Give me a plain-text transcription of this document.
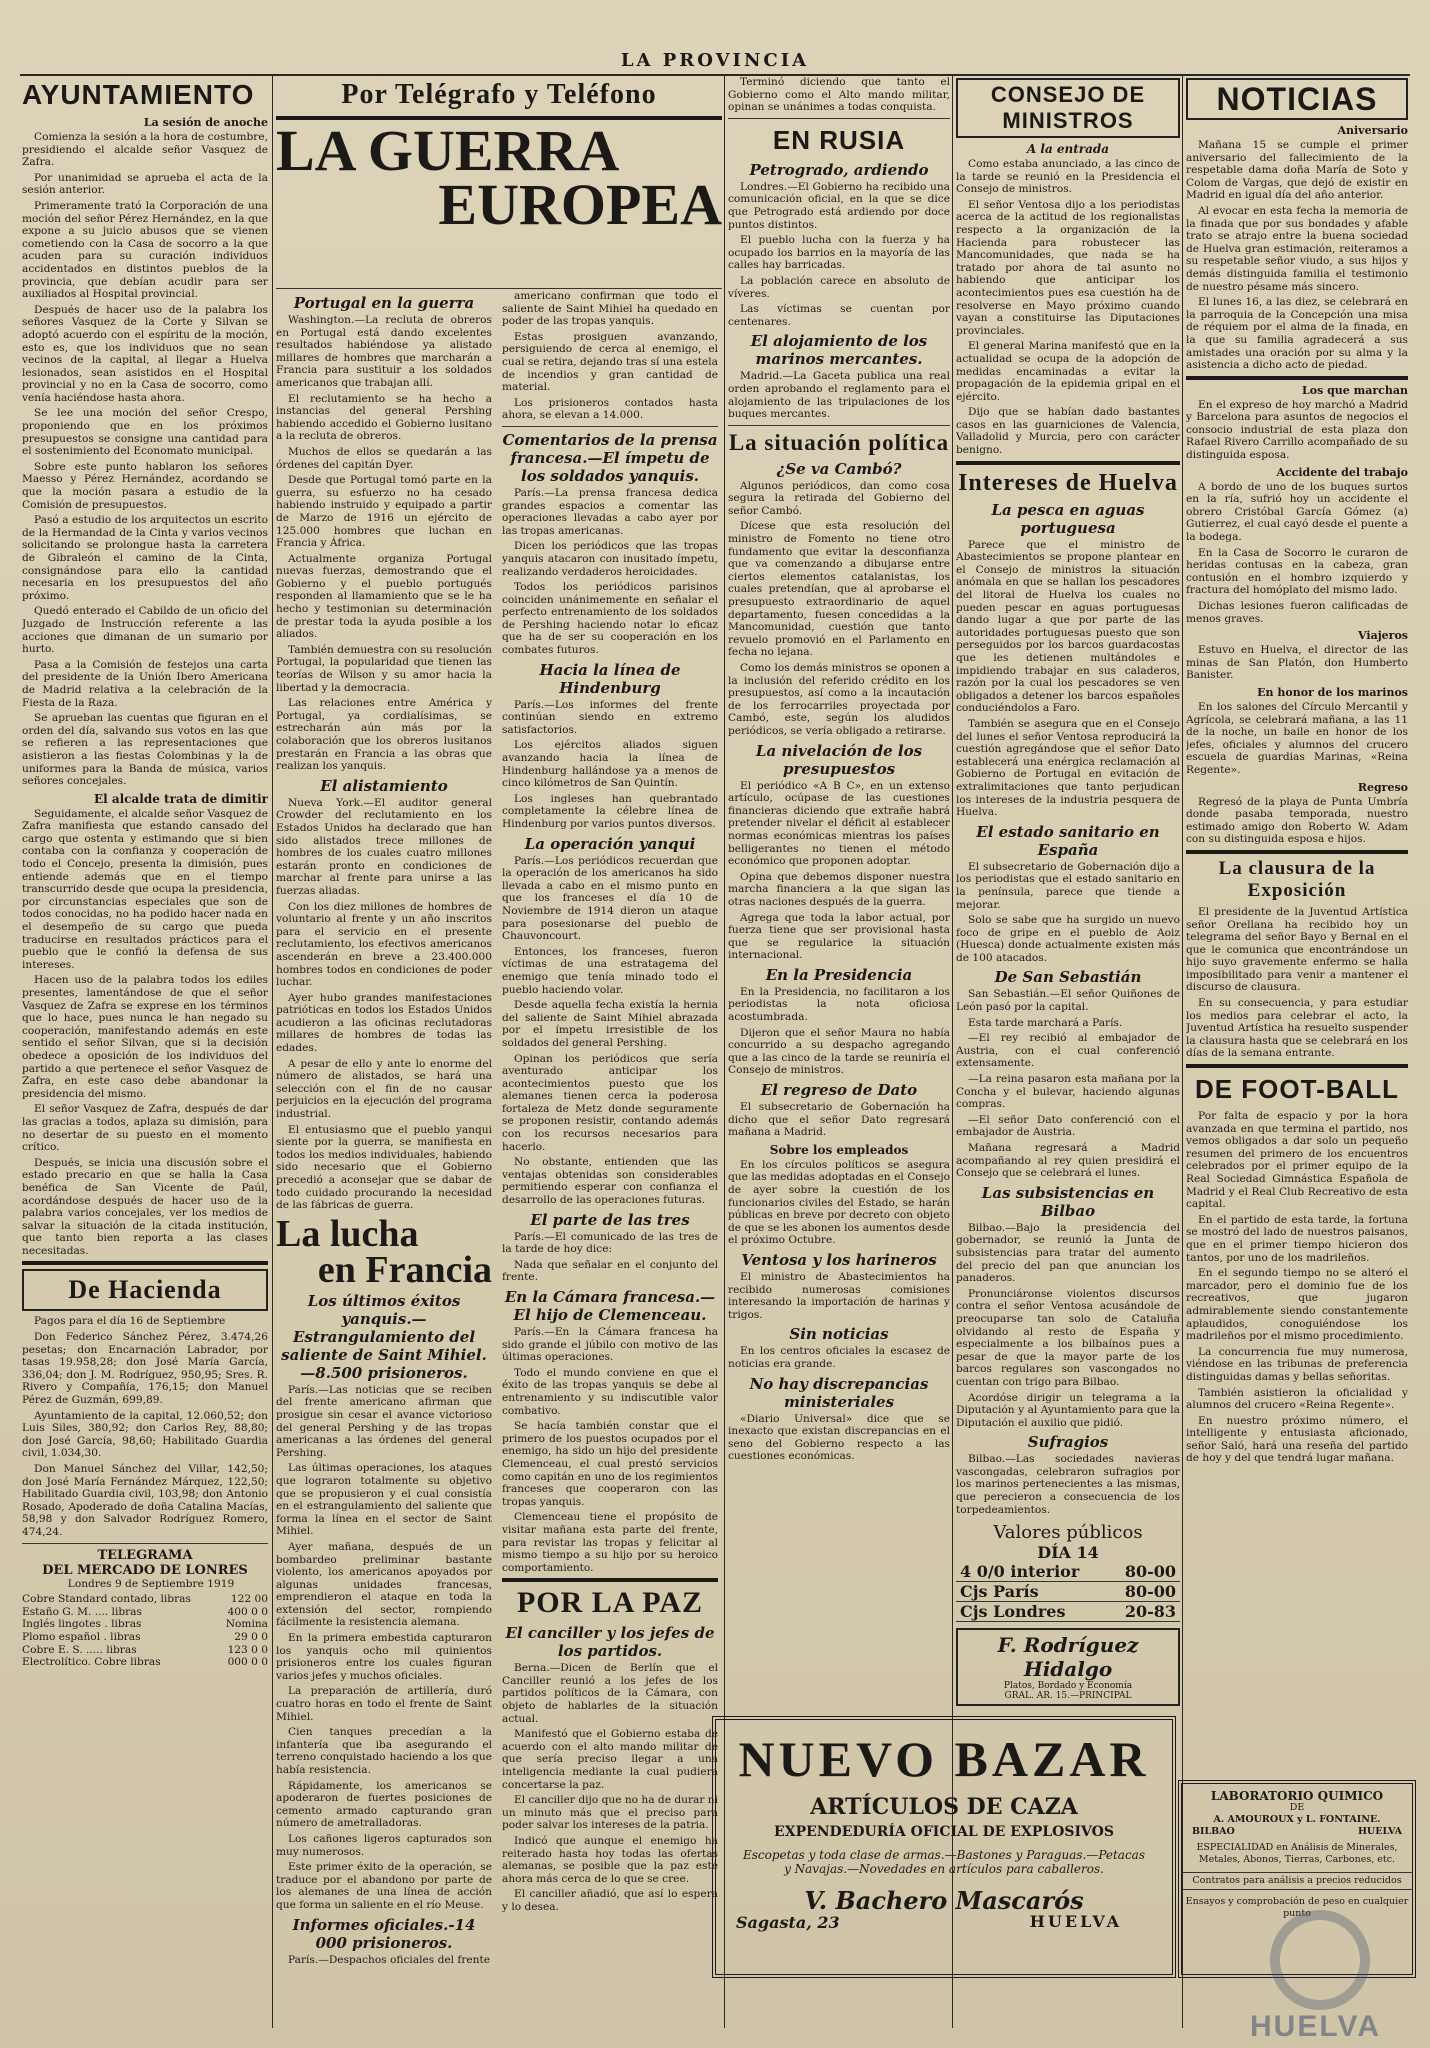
LA PROVINCIA
AYUNTAMIENTO
La sesión de anoche

Comienza la sesión a la hora de costumbre, presidiendo el alcalde señor Vasquez de Zafra.

Por unanimidad se aprueba el acta de la sesión anterior.

Primeramente trató la Corporación de una moción del señor Pérez Hernández, en la que expone a su juicio abusos que se vienen cometiendo con la Casa de socorro a la que acuden para su curación individuos accidentados en distintos pueblos de la provincia, que debían acudir para ser auxiliados al Hospital provincial.

Después de hacer uso de la palabra los señores Vasquez de la Corte y Silvan se adoptó acuerdo con el espíritu de la moción, esto es, que los individuos que no sean vecinos de la capital, al llegar a Huelva lesionados, sean asistidos en el Hospital provincial y no en la Casa de socorro, como venía haciéndose hasta ahora.

Se lee una moción del señor Crespo, proponiendo que en los próximos presupuestos se consigne una cantidad para el sostenimiento del Economato municipal.

Sobre este punto hablaron los señores Maesso y Pérez Hernández, acordando se que la moción pasara a estudio de la Comisión de presupuestos.

Pasó a estudio de los arquitectos un escrito de la Hermandad de la Cinta y varios vecinos solicitando se prolongue hasta la carretera de Gibraleón el camino de la Cinta, consignándose para ello la cantidad necesaria en los presupuestos del año próximo.

Quedó enterado el Cabildo de un oficio del Juzgado de Instrucción referente a las acciones que dimanan de un sumario por hurto.

Pasa a la Comisión de festejos una carta del presidente de la Unión Ibero Americana de Madrid relativa a la celebración de la Fiesta de la Raza.

Se aprueban las cuentas que figuran en el orden del día, salvando sus votos en las que se refieren a las representaciones que asistieron a las fiestas Colombinas y la de uniformes para la Banda de música, varios señores concejales.

El alcalde trata de dimitir

Seguidamente, el alcalde señor Vasquez de Zafra manifiesta que estando cansado del cargo que ostenta y estimando que si bien contaba con la confianza y cooperación de todo el Concejo, presenta la dimisión, pues entiende además que en el tiempo transcurrido desde que ocupa la presidencia, por circunstancias especiales que son de todos conocidas, no ha podido hacer nada en el desempeño de su cargo que pueda traducirse en resultados prácticos para el pueblo que le confió la defensa de sus intereses.

Hacen uso de la palabra todos los ediles presentes, lamentándose de que el señor Vasquez de Zafra se exprese en los términos que lo hace, pues nunca le han negado su cooperación, manifestando además en este sentido el señor Silvan, que si la decisión obedece a oposición de los individuos del partido a que pertenece el señor Vasquez de Zafra, en este caso debe abandonar la presidencia del mismo.

El señor Vasquez de Zafra, después de dar las gracias a todos, aplaza su dimisión, para no desertar de su puesto en el momento crítico.

Después, se inicia una discusión sobre el estado precario en que se halla la Casa benéfica de San Vicente de Paúl, acordándose después de hacer uso de la palabra varios concejales, ver los medios de salvar la situación de la citada institución, que tanto bien reporta a las clases necesitadas.

De Hacienda

Pagos para el día 16 de Septiembre

Don Federico Sánchez Pérez, 3.474,26 pesetas; don Encarnación Labrador, por tasas 19.958,28; don José María García, 336,04; don J. M. Rodríguez, 950,95; Sres. R. Rivero y Compañía, 176,15; don Manuel Pérez de Guzmán, 699,89.

Ayuntamiento de la capital, 12.060,52; don Luis Siles, 380,92; don Carlos Rey, 88,80; don José García, 98,60; Habilitado Guardia civil, 1.034,30.

Don Manuel Sánchez del Villar, 142,50; don José María Fernández Márquez, 122,50; Habilitado Guardia civil, 103,98; don Antonio Rosado, Apoderado de doña Catalina Macías, 58,98 y don Salvador Rodríguez Romero, 474,24.

TELEGRAMA
DEL MERCADO DE LONRES

Londres 9 de Septiembre 1919

Cobre Standard contado, libras	122 00
Estaño G. M. .... libras	400 0 0
Inglés lingotes . libras	Nomina
Plomo español . libras	29 0 0
Cobre E. S. ..... libras	123 0 0
Electrolítico. Cobre libras	000 0 0
Por Telégrafo y Teléfono
LA GUERRA
EUROPEA
Portugal en la guerra

Washington.—La recluta de obreros en Portugal está dando excelentes resultados habiéndose ya alistado millares de hombres que marcharán a Francia para sustituir a los soldados americanos que trabajan allí.

El reclutamiento se ha hecho a instancias del general Pershing habiendo accedido el Gobierno lusitano a la recluta de obreros.

Muchos de ellos se quedarán a las órdenes del capitán Dyer.

Desde que Portugal tomó parte en la guerra, su esfuerzo no ha cesado habiendo instruido y equipado a partir de Marzo de 1916 un ejército de 125.000 hombres que luchan en Francia y África.

Actualmente organiza Portugal nuevas fuerzas, demostrando que el Gobierno y el pueblo portugués responden al llamamiento que se le ha hecho y testimonian su determinación de prestar toda la ayuda posible a los aliados.

También demuestra con su resolución Portugal, la popularidad que tienen las teorías de Wilson y su amor hacia la libertad y la democracia.

Las relaciones entre América y Portugal, ya cordialísimas, se estrecharán aún más por la colaboración que los obreros lusitanos prestarán en Francia a las obras que realizan los yanquis.

El alistamiento

Nueva York.—El auditor general Crowder del reclutamiento en los Estados Unidos ha declarado que han sido alistados trece millones de hombres de los cuales cuatro millones estarán pronto en condiciones de marchar al frente para unirse a las fuerzas aliadas.

Con los diez millones de hombres de voluntario al frente y un año inscritos para el servicio en el presente reclutamiento, los efectivos americanos ascenderán en breve a 23.400.000 hombres todos en condiciones de poder luchar.

Ayer hubo grandes manifestaciones patrióticas en todos los Estados Unidos acudieron a las oficinas reclutadoras millares de hombres de todas las edades.

A pesar de ello y ante lo enorme del número de alistados, se hará una selección con el fin de no causar perjuicios en la ejecución del programa industrial.

El entusiasmo que el pueblo yanqui siente por la guerra, se manifiesta en todos los medios individuales, habiendo sido necesario que el Gobierno precedió a aconsejar que se dabar de todo cuidado procurando la necesidad de las fábricas de guerra.

La lucha
en Francia
Los últimos éxitos yanquis.—Estrangulamiento del saliente de Saint Mihiel.—8.500 prisioneros.

París.—Las noticias que se reciben del frente americano afirman que prosigue sin cesar el avance victorioso del general Pershing y de las tropas americanas a las órdenes del general Pershing.

Las últimas operaciones, los ataques que lograron totalmente su objetivo que se propusieron y el cual consistía en el estrangulamiento del saliente que forma la línea en el sector de Saint Mihiel.

Ayer mañana, después de un bombardeo preliminar bastante violento, los americanos apoyados por algunas unidades francesas, emprendieron el ataque en toda la extensión del sector, rompiendo fácilmente la resistencia alemana.

En la primera embestida capturaron los yanquis ocho mil quinientos prisioneros entre los cuales figuran varios jefes y muchos oficiales.

La preparación de artillería, duró cuatro horas en todo el frente de Saint Mihiel.

Cien tanques precedían a la infantería que iba asegurando el terreno conquistado haciendo a los que había resistencia.

Rápidamente, los americanos se apoderaron de fuertes posiciones de cemento armado capturando gran número de ametralladoras.

Los cañones ligeros capturados son muy numerosos.

Este primer éxito de la operación, se traduce por el abandono por parte de los alemanes de una línea de acción que forma un saliente en el río Meuse.

Informes oficiales.-14 000 prisioneros.

París.—Despachos oficiales del frente

americano confirman que todo el saliente de Saint Mihiel ha quedado en poder de las tropas yanquis.

Estas prosiguen avanzando, persiguiendo de cerca al enemigo, el cual se retira, dejando tras sí una estela de incendios y gran cantidad de material.

Los prisioneros contados hasta ahora, se elevan a 14.000.

Comentarios de la prensa francesa.—El ímpetu de los soldados yanquis.

París.—La prensa francesa dedica grandes espacios a comentar las operaciones llevadas a cabo ayer por las tropas americanas.

Dicen los periódicos que las tropas yanquis atacaron con inusitado ímpetu, realizando verdaderos heroicidades.

Todos los periódicos parisinos coinciden unánimemente en señalar el perfecto entrenamiento de los soldados de Pershing haciendo notar lo eficaz que ha de ser su cooperación en los combates futuros.

Hacia la línea de Hindenburg

París.—Los informes del frente continúan siendo en extremo satisfactorios.

Los ejércitos aliados siguen avanzando hacia la línea de Hindenburg hallándose ya a menos de cinco kilómetros de San Quintín.

Los ingleses han quebrantado completamente la célebre línea de Hindenburg por varios puntos diversos.

La operación yanqui

París.—Los periódicos recuerdan que la operación de los americanos ha sido llevada a cabo en el mismo punto en que los franceses el día 10 de Noviembre de 1914 dieron un ataque para posesionarse del pueblo de Chauvoncourt.

Entonces, los franceses, fueron víctimas de una estratagema del enemigo que tenía minado todo el pueblo haciendo volar.

Desde aquella fecha existía la hernia del saliente de Saint Mihiel abrazada por el ímpetu irresistible de los soldados del general Pershing.

Opinan los periódicos que sería aventurado anticipar los acontecimientos puesto que los alemanes tienen cerca la poderosa fortaleza de Metz donde seguramente se proponen resistir, contando además con los recursos necesarios para hacerlo.

No obstante, entienden que las ventajas obtenidas son considerables permitiendo esperar con confianza el desarrollo de las operaciones futuras.

El parte de las tres

París.—El comunicado de las tres de la tarde de hoy dice:

Nada que señalar en el conjunto del frente.

En la Cámara francesa.—El hijo de Clemenceau.

París.—En la Cámara francesa ha sido grande el júbilo con motivo de las últimas operaciones.

Todo el mundo conviene en que el éxito de las tropas yanquis se debe al entrenamiento y su indiscutible valor combativo.

Se hacía también constar que el primero de los puestos ocupados por el enemigo, ha sido un hijo del presidente Clemenceau, el cual prestó servicios como capitán en uno de los regimientos franceses que cooperaron con las tropas yanquis.

Clemenceau tiene el propósito de visitar mañana esta parte del frente, para revistar las tropas y felicitar al mismo tiempo a su hijo por su heroico comportamiento.

POR LA PAZ
El canciller y los jefes de los partidos.

Berna.—Dicen de Berlín que el Canciller reunió a los jefes de los partidos políticos de la Cámara, con objeto de hablarles de la situación actual.

Manifestó que el Gobierno estaba de acuerdo con el alto mando militar de que sería preciso llegar a una inteligencia mediante la cual pudiera concertarse la paz.

El canciller dijo que no ha de durar ni un minuto más que el preciso para poder salvar los intereses de la patria.

Indicó que aunque el enemigo ha reiterado hasta hoy todas las ofertas alemanas, se posible que la paz esté ahora más cerca de lo que se cree.

El canciller añadió, que así lo espera y lo desea.

Terminó diciendo que tanto el Gobierno como el Alto mando militar, opinan se unánimes a todas conquista.

EN RUSIA
Petrogrado, ardiendo

Londres.—El Gobierno ha recibido una comunicación oficial, en la que se dice que Petrogrado está ardiendo por doce puntos distintos.

El pueblo lucha con la fuerza y ha ocupado los barrios en la mayoría de las calles hay barricadas.

La población carece en absoluto de víveres.

Las víctimas se cuentan por centenares.

El alojamiento de los marinos mercantes.

Madrid.—La Gaceta publica una real orden aprobando el reglamento para el alojamiento de las tripulaciones de los buques mercantes.

La situación política
¿Se va Cambó?

Algunos periódicos, dan como cosa segura la retirada del Gobierno del señor Cambó.

Dícese que esta resolución del ministro de Fomento no tiene otro fundamento que evitar la desconfianza que va comenzando a dibujarse entre ciertos elementos catalanistas, los cuales pretendían, que al aprobarse el presupuesto extraordinario de aquel departamento, fuesen concedidas a la Mancomunidad, cuestión que tanto revuelo promovió en el Parlamento en fecha no lejana.

Como los demás ministros se oponen a la inclusión del referido crédito en los presupuestos, así como a la incautación de los ferrocarriles proyectada por Cambó, este, según los aludidos periódicos, se vería obligado a retirarse.

La nivelación de los presupuestos

El periódico «A B C», en un extenso artículo, ocúpase de las cuestiones financieras diciendo que extrañe habrá pretender nivelar el déficit al establecer normas económicas mientras los países belligerantes no tienen el método económico que proponen adoptar.

Opina que debemos disponer nuestra marcha financiera a la que sigan las otras naciones después de la guerra.

Agrega que toda la labor actual, por fuerza tiene que ser provisional hasta que se regularice la situación internacional.

En la Presidencia

En la Presidencia, no facilitaron a los periodistas la nota oficiosa acostumbrada.

Dijeron que el señor Maura no había concurrido a su despacho agregando que a las cinco de la tarde se reuniría el Consejo de ministros.

El regreso de Dato

El subsecretario de Gobernación ha dicho que el señor Dato regresará mañana a Madrid.

Sobre los empleados

En los círculos políticos se asegura que las medidas adoptadas en el Consejo de ayer sobre la cuestión de los funcionarios civiles del Estado, se harán públicas en breve por decreto con objeto de que se les abonen los aumentos desde el próximo Octubre.

Ventosa y los harineros

El ministro de Abastecimientos ha recibido numerosas comisiones interesando la importación de harinas y trigos.

Sin noticias

En los centros oficiales la escasez de noticias era grande.

No hay discrepancias ministeriales

«Diario Universal» dice que se inexacto que existan discrepancias en el seno del Gobierno respecto a las cuestiones económicas.

CONSEJO DE MINISTROS
A la entrada

Como estaba anunciado, a las cinco de la tarde se reunió en la Presidencia el Consejo de ministros.

El señor Ventosa dijo a los periodistas acerca de la actitud de los regionalistas respecto a la organización de la Hacienda para robustecer las Mancomunidades, que nada se ha tratado por ahora de tal asunto no habiendo que anticipar los acontecimientos pues esa cuestión ha de resolverse en Mayo próximo cuando vayan a constituirse las Diputaciones provinciales.

El general Marina manifestó que en la actualidad se ocupa de la adopción de medidas encaminadas a evitar la propagación de la epidemia gripal en el ejército.

Dijo que se habían dado bastantes casos en las guarniciones de Valencia, Valladolid y Murcia, pero con carácter benigno.

Intereses de Huelva
La pesca en aguas portuguesa

Parece que el ministro de Abastecimientos se propone plantear en el Consejo de ministros la situación anómala en que se hallan los pescadores del litoral de Huelva los cuales no pueden pescar en aguas portuguesas dando lugar a que por parte de las autoridades portuguesas puesto que son perseguidos por los barcos guardacostas que les detienen multándoles e impidiendo trabajar en sus caladeros, razón por la cual los pescadores se ven obligados a detener los barcos españoles conduciéndolos a Faro.

También se asegura que en el Consejo del lunes el señor Ventosa reproducirá la cuestión agregándose que el señor Dato establecerá una enérgica reclamación al Gobierno de Portugal en evitación de extralimitaciones que tanto perjudican los intereses de la industria pesquera de Huelva.

El estado sanitario en España

El subsecretario de Gobernación dijo a los periodistas que el estado sanitario en la península, parece que tiende a mejorar.

Solo se sabe que ha surgido un nuevo foco de gripe en el pueblo de Aoiz (Huesca) donde actualmente existen más de 100 atacados.

De San Sebastián

San Sebastián.—El señor Quiñones de León pasó por la capital.

Esta tarde marchará a París.

—El rey recibió al embajador de Austria, con el cual conferenció extensamente.

—La reina pasaron esta mañana por la Concha y el bulevar, haciendo algunas compras.

—El señor Dato conferenció con el embajador de Austria.

Mañana regresará a Madrid acompañando al rey quien presidirá el Consejo que se celebrará el lunes.

Las subsistencias en Bilbao

Bilbao.—Bajo la presidencia del gobernador, se reunió la Junta de subsistencias para tratar del aumento del precio del pan que anuncian los panaderos.

Pronunciáronse violentos discursos contra el señor Ventosa acusándole de preocuparse tan solo de Cataluña olvidando al resto de España y especialmente a los bilbaínos pues a pesar de que la mayor parte de los barcos regulares son vascongados no cuentan con trigo para Bilbao.

Acordóse dirigir un telegrama a la Diputación y al Ayuntamiento para que la Diputación el auxilio que pidió.

Sufragios

Bilbao.—Las sociedades navieras vascongadas, celebraron sufragios por los marinos pertenecientes a las mismas, que perecieron a consecuencia de los torpedeamientos.

Valores públicos
DÍA 14
4 0/0 interior	80-00
Cjs París	80-00
Cjs Londres	20-83
F. Rodríguez Hidalgo
Platos, Bordado y Economía
GRAL. AR. 15.—PRINCIPAL
NOTICIAS
Aniversario

Mañana 15 se cumple el primer aniversario del fallecimiento de la respetable dama doña María de Soto y Colom de Vargas, que dejó de existir en Madrid en igual día del año anterior.

Al evocar en esta fecha la memoria de la finada que por sus bondades y afable trato se atrajo entre la buena sociedad de Huelva gran estimación, reiteramos a su respetable señor viudo, a sus hijos y demás distinguida familia el testimonio de nuestro pésame más sincero.

El lunes 16, a las diez, se celebrará en la parroquia de la Concepción una misa de réquiem por el alma de la finada, en la que su familia agradecerá a sus amistades una oración por su alma y la asistencia a dicho acto de piedad.

Los que marchan

En el expreso de hoy marchó a Madrid y Barcelona para asuntos de negocios el consocio industrial de esta plaza don Rafael Rivero Carrillo acompañado de su distinguida esposa.

Accidente del trabajo

A bordo de uno de los buques surtos en la ría, sufrió hoy un accidente el obrero Cristóbal García Gómez (a) Gutierrez, el cual cayó desde el puente a la bodega.

En la Casa de Socorro le curaron de heridas contusas en la cabeza, gran contusión en el hombro izquierdo y fractura del homóplato del mismo lado.

Dichas lesiones fueron calificadas de menos graves.

Viajeros

Estuvo en Huelva, el director de las minas de San Platón, don Humberto Banister.

En honor de los marinos

En los salones del Círculo Mercantil y Agrícola, se celebrará mañana, a las 11 de la noche, un baile en honor de los jefes, oficiales y alumnos del crucero escuela de guardias Marinas, «Reina Regente».

Regreso

Regresó de la playa de Punta Umbría donde pasaba temporada, nuestro estimado amigo don Roberto W. Adam con su distinguida esposa e hijos.

La clausura de la Exposición

El presidente de la Juventud Artística señor Orellana ha recibido hoy un telegrama del señor Bayo y Bernal en el que le comunica que encontrándose un hijo suyo gravemente enfermo se halla imposibilitado para venir a mantener el discurso de clausura.

En su consecuencia, y para estudiar los medios para celebrar el acto, la Juventud Artística ha resuelto suspender la clausura hasta que se celebrará en los días de la semana entrante.

DE FOOT-BALL

Por falta de espacio y por la hora avanzada en que termina el partido, nos vemos obligados a dar solo un pequeño resumen del primero de los encuentros celebrados por el primer equipo de la Real Sociedad Gimnástica Española de Madrid y el Real Club Recreativo de esta capital.

En el partido de esta tarde, la fortuna se mostró del lado de nuestros paisanos, que en el primer tiempo hicieron dos tantos, por uno de los madrileños.

En el segundo tiempo no se alteró el marcador, pero el dominio fue de los recreativos, que jugaron admirablemente siendo constantemente aplaudidos, conoguiéndose los madrileños por el mismo procedimiento.

La concurrencia fue muy numerosa, viéndose en las tribunas de preferencia distinguidas damas y bellas señoritas.

También asistieron la oficialidad y alumnos del crucero «Reina Regente».

En nuestro próximo número, el intelligente y entusiasta aficionado, señor Saló, hará una reseña del partido de hoy y del que tendrá lugar mañana.

NUEVO BAZAR
ARTÍCULOS DE CAZA
EXPENDEDURÍA OFICIAL DE EXPLOSIVOS
Escopetas y toda clase de armas.—Bastones y Paraguas.—Petacas
y Navajas.—Novedades en artículos para caballeros.
V. Bachero Mascarós
Sagasta, 23	HUELVA
LABORATORIO QUIMICO
DE
A. AMOUROUX y L. FONTAINE.
BILBAO	HUELVA
ESPECIALIDAD en Análisis de Minerales, Metales, Abonos, Tierras, Carbones, etc.
Contratos para análisis a precios reducidos
Ensayos y comprobación de peso en cualquier punto
HUELVA
